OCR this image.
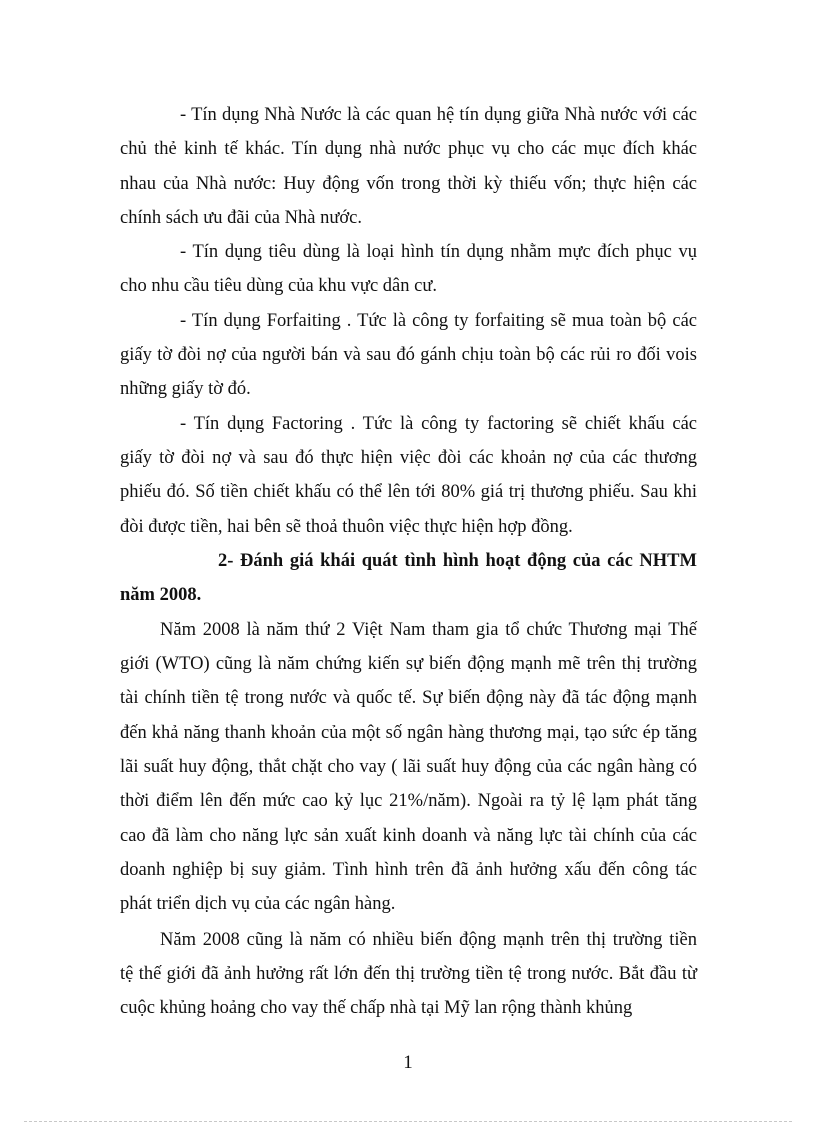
- Tín dụng Nhà Nước là các quan hệ tín dụng giữa Nhà nước với các
chủ thẻ kinh tế khác. Tín dụng nhà nước phục vụ cho các mục đích khác
nhau của Nhà nước: Huy động vốn trong thời kỳ thiếu vốn; thực hiện các
chính sách ưu đãi của Nhà nước.
- Tín dụng tiêu dùng là loại hình tín dụng nhằm mực đích phục vụ
cho nhu cầu tiêu dùng của khu vực dân cư.
- Tín dụng Forfaiting . Tức là công ty forfaiting sẽ mua toàn bộ các
giấy tờ đòi nợ của người bán và sau đó gánh chịu toàn bộ các rủi ro đối vois
những giấy tờ đó.
- Tín dụng Factoring . Tức là công ty factoring sẽ chiết khấu các
giấy tờ đòi nợ và sau đó thực hiện việc đòi các khoản nợ của các thương
phiếu đó. Số tiền chiết khấu có thể lên tới 80% giá trị thương phiếu. Sau khi
đòi được tiền, hai bên sẽ thoả thuôn việc thực hiện hợp đồng.
2- Đánh giá khái quát tình hình hoạt động của các NHTM
năm 2008.
Năm 2008 là năm thứ 2 Việt Nam tham gia tổ chức Thương mại Thế
giới (WTO) cũng là năm chứng kiến sự biến động mạnh mẽ trên thị trường
tài chính tiền tệ trong nước và quốc tế. Sự biến động này đã tác động mạnh
đến khả năng thanh khoản của một số ngân hàng thương mại, tạo sức ép tăng
lãi suất huy động, thắt chặt cho vay ( lãi suất huy động của các ngân hàng có
thời điểm lên đến mức cao kỷ lục 21%/năm). Ngoài ra tỷ lệ lạm phát tăng
cao đã làm cho năng lực sản xuất kinh doanh và năng lực tài chính của các
doanh nghiệp bị suy giảm. Tình hình trên đã ảnh hưởng xấu đến công tác
phát triển dịch vụ của các ngân hàng.
Năm 2008 cũng là năm có nhiều biến động mạnh trên thị trường tiền
tệ thế giới đã ảnh hưởng rất lớn đến thị trường tiền tệ trong nước. Bắt đầu từ
cuộc khủng hoảng cho vay thế chấp nhà tại Mỹ lan rộng thành khủng
1
